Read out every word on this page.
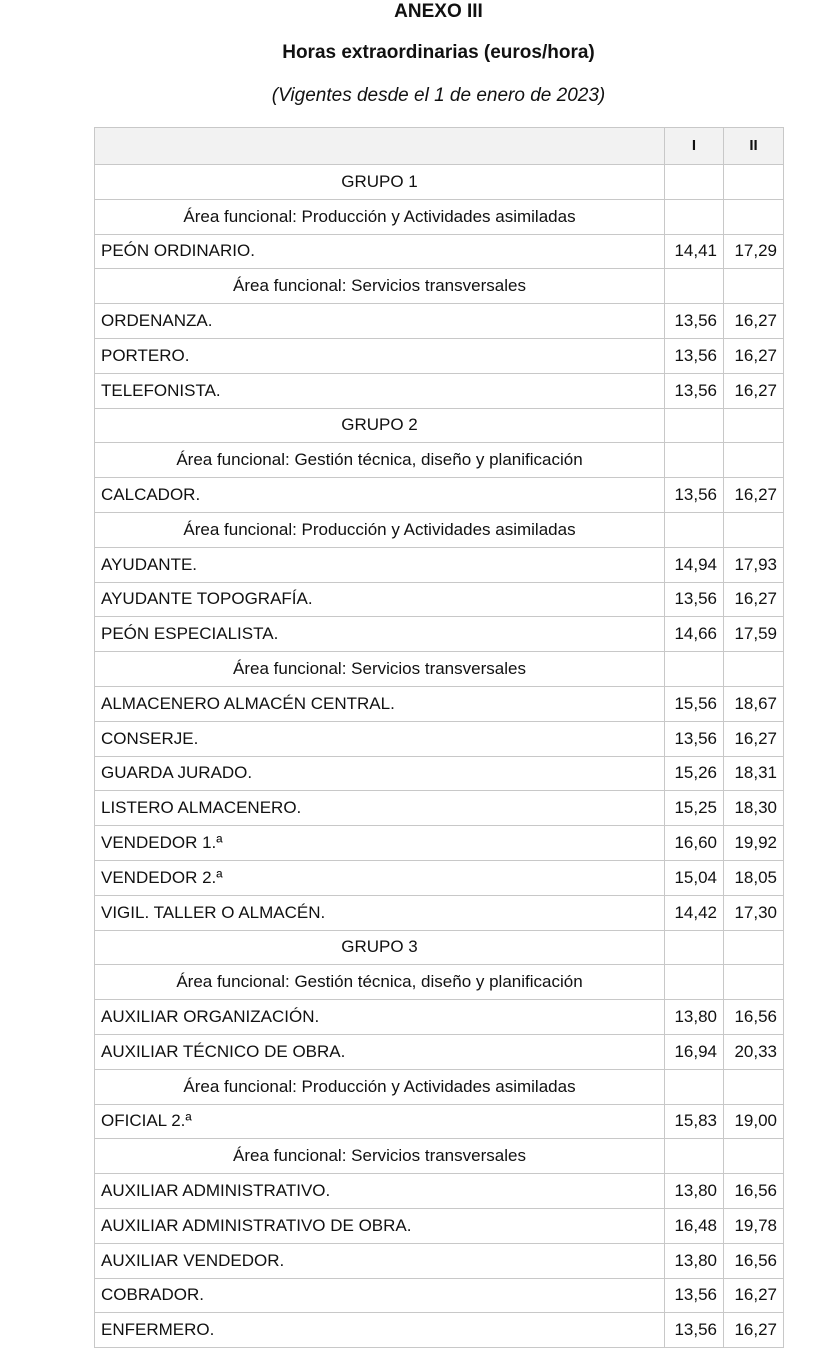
ANEXO III
Horas extraordinarias (euros/hora)
(Vigentes desde el 1 de enero de 2023)
	I	II
GRUPO 1		
Área funcional: Producción y Actividades asimiladas		
PEÓN ORDINARIO.	14,41	17,29
Área funcional: Servicios transversales		
ORDENANZA.	13,56	16,27
PORTERO.	13,56	16,27
TELEFONISTA.	13,56	16,27
GRUPO 2		
Área funcional: Gestión técnica, diseño y planificación		
CALCADOR.	13,56	16,27
Área funcional: Producción y Actividades asimiladas		
AYUDANTE.	14,94	17,93
AYUDANTE TOPOGRAFÍA.	13,56	16,27
PEÓN ESPECIALISTA.	14,66	17,59
Área funcional: Servicios transversales		
ALMACENERO ALMACÉN CENTRAL.	15,56	18,67
CONSERJE.	13,56	16,27
GUARDA JURADO.	15,26	18,31
LISTERO ALMACENERO.	15,25	18,30
VENDEDOR 1.ª	16,60	19,92
VENDEDOR 2.ª	15,04	18,05
VIGIL. TALLER O ALMACÉN.	14,42	17,30
GRUPO 3		
Área funcional: Gestión técnica, diseño y planificación		
AUXILIAR ORGANIZACIÓN.	13,80	16,56
AUXILIAR TÉCNICO DE OBRA.	16,94	20,33
Área funcional: Producción y Actividades asimiladas		
OFICIAL 2.ª	15,83	19,00
Área funcional: Servicios transversales		
AUXILIAR ADMINISTRATIVO.	13,80	16,56
AUXILIAR ADMINISTRATIVO DE OBRA.	16,48	19,78
AUXILIAR VENDEDOR.	13,80	16,56
COBRADOR.	13,56	16,27
ENFERMERO.	13,56	16,27
